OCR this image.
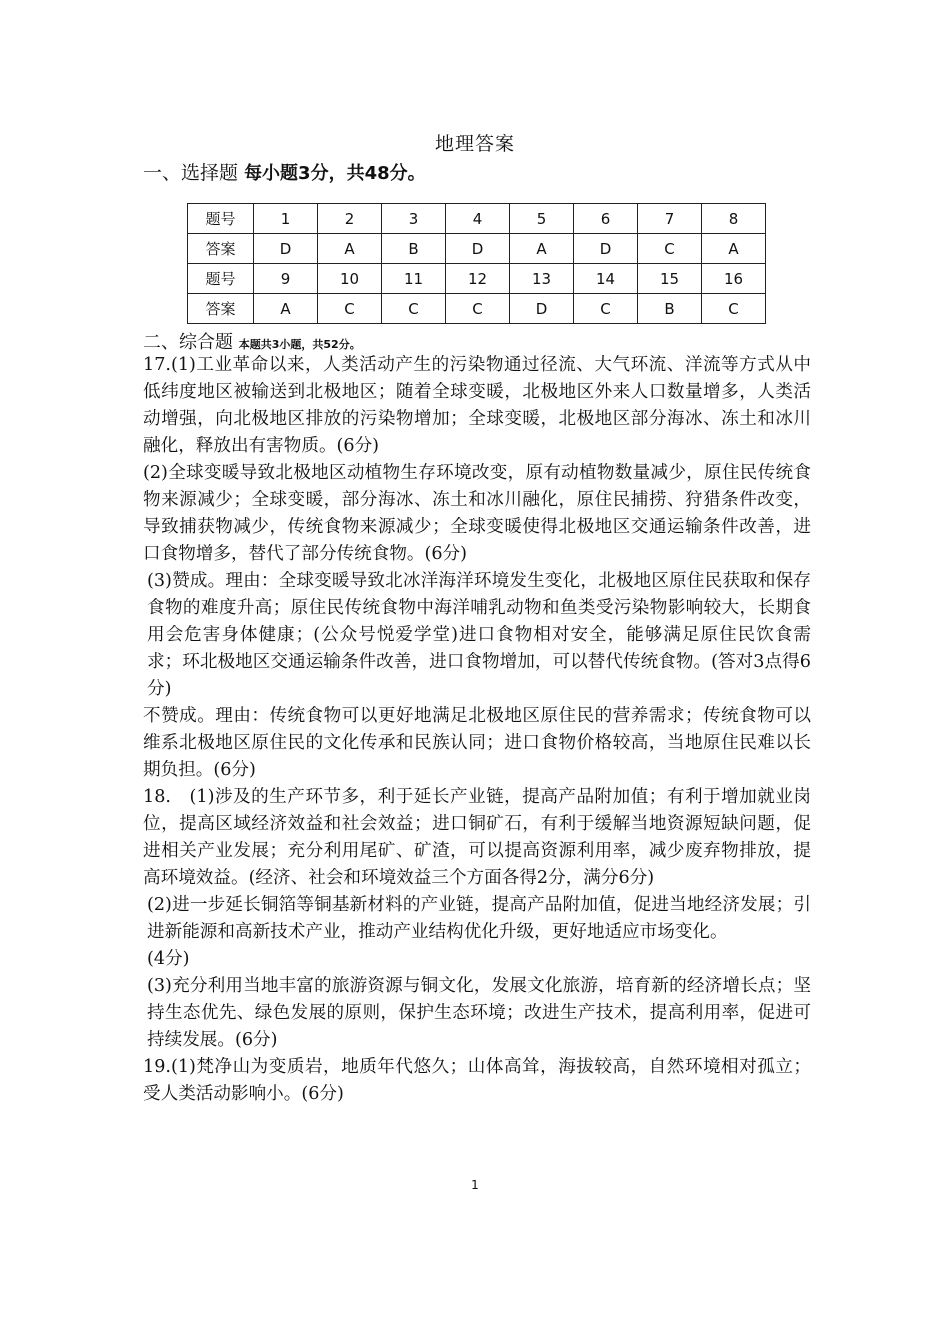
地理答案
一、选择题 每小题3分，共48分。
题号	1	2	3	4	5	6	7	8
答案	D	A	B	D	A	D	C	A
题号	9	10	11	12	13	14	15	16
答案	A	C	C	C	D	C	B	C
二、综合题 本题共3小题，共52分。

17.(1)工业革命以来，人类活动产生的污染物通过径流、大气环流、洋流等方式从中低纬度地区被输送到北极地区；随着全球变暖，北极地区外来人口数量增多，人类活动增强，向北极地区排放的污染物增加；全球变暖，北极地区部分海冰、冻土和冰川融化，释放出有害物质。(6分)

(2)全球变暖导致北极地区动植物生存环境改变，原有动植物数量减少，原住民传统食物来源减少；全球变暖，部分海冰、冻土和冰川融化，原住民捕捞、狩猎条件改变，导致捕获物减少，传统食物来源减少；全球变暖使得北极地区交通运输条件改善，进口食物增多，替代了部分传统食物。(6分)

(3)赞成。理由：全球变暖导致北冰洋海洋环境发生变化，北极地区原住民获取和保存食物的难度升高；原住民传统食物中海洋哺乳动物和鱼类受污染物影响较大，长期食用会危害身体健康；(公众号悦爱学堂)进口食物相对安全，能够满足原住民饮食需求；环北极地区交通运输条件改善，进口食物增加，可以替代传统食物。(答对3点得6分)

不赞成。理由：传统食物可以更好地满足北极地区原住民的营养需求；传统食物可以维系北极地区原住民的文化传承和民族认同；进口食物价格较高，当地原住民难以长期负担。(6分)

18.　(1)涉及的生产环节多，利于延长产业链，提高产品附加值；有利于增加就业岗位，提高区域经济效益和社会效益；进口铜矿石，有利于缓解当地资源短缺问题，促进相关产业发展；充分利用尾矿、矿渣，可以提高资源利用率，减少废弃物排放，提高环境效益。(经济、社会和环境效益三个方面各得2分，满分6分)

(2)进一步延长铜箔等铜基新材料的产业链，提高产品附加值，促进当地经济发展；引进新能源和高新技术产业，推动产业结构优化升级，更好地适应市场变化。

(4分)

(3)充分利用当地丰富的旅游资源与铜文化，发展文化旅游，培育新的经济增长点；坚持生态优先、绿色发展的原则，保护生态环境；改进生产技术，提高利用率，促进可持续发展。(6分)

19.(1)梵净山为变质岩，地质年代悠久；山体高耸，海拔较高，自然环境相对孤立；受人类活动影响小。(6分)

1
